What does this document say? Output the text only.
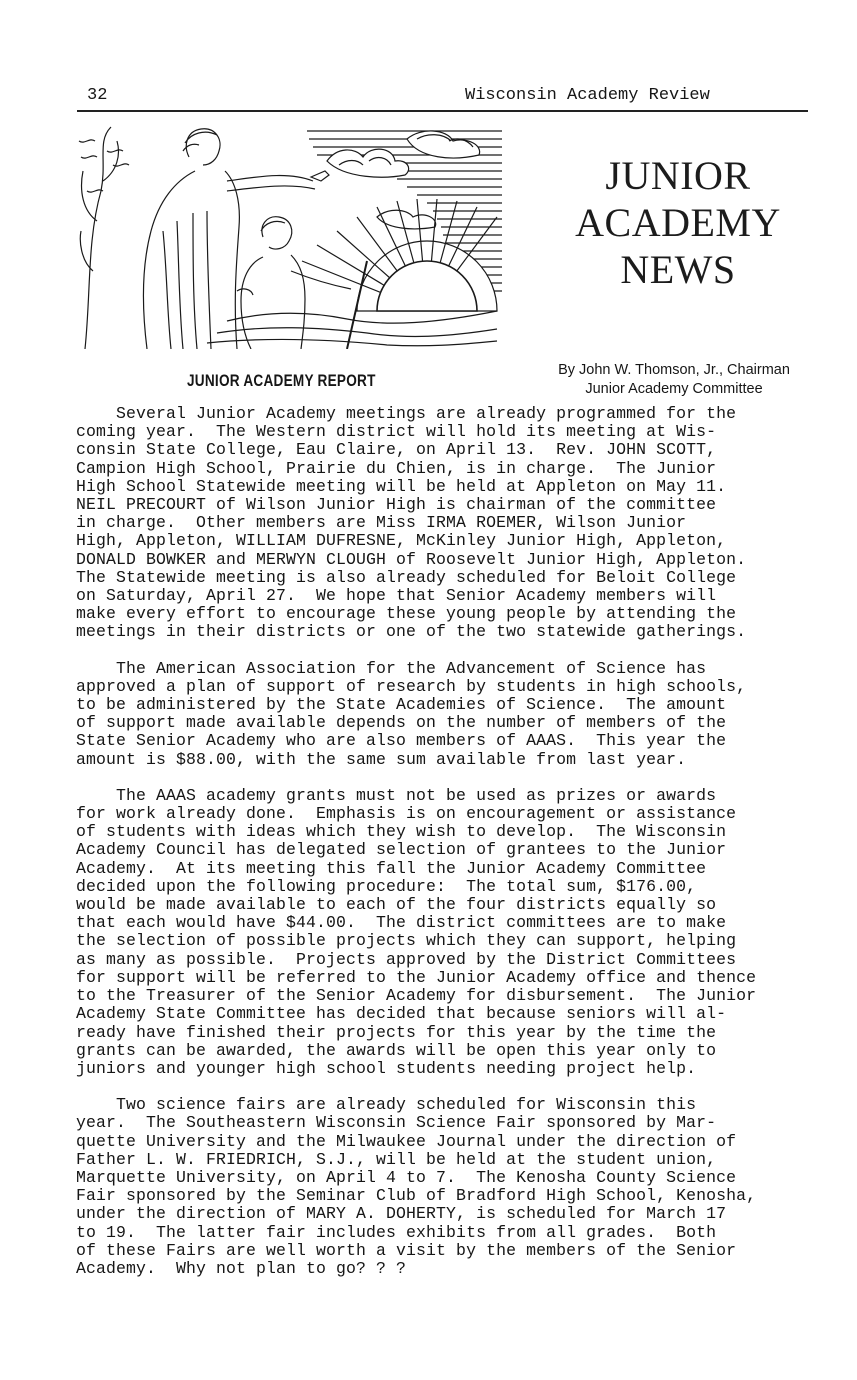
32	Wisconsin Academy Review
JUNIOR
ACADEMY
NEWS
JUNIOR ACADEMY REPORT
By John W. Thomson, Jr., Chairman
Junior Academy Committee

Several Junior Academy meetings are already programmed for the
coming year.  The Western district will hold its meeting at Wis-
consin State College, Eau Claire, on April 13.  Rev. JOHN SCOTT,
Campion High School, Prairie du Chien, is in charge.  The Junior
High School Statewide meeting will be held at Appleton on May 11.
NEIL PRECOURT of Wilson Junior High is chairman of the committee
in charge.  Other members are Miss IRMA ROEMER, Wilson Junior
High, Appleton, WILLIAM DUFRESNE, McKinley Junior High, Appleton,
DONALD BOWKER and MERWYN CLOUGH of Roosevelt Junior High, Appleton.
The Statewide meeting is also already scheduled for Beloit College
on Saturday, April 27.  We hope that Senior Academy members will
make every effort to encourage these young people by attending the
meetings in their districts or one of the two statewide gatherings.

The American Association for the Advancement of Science has
approved a plan of support of research by students in high schools,
to be administered by the State Academies of Science.  The amount
of support made available depends on the number of members of the
State Senior Academy who are also members of AAAS.  This year the
amount is $88.00, with the same sum available from last year.

The AAAS academy grants must not be used as prizes or awards
for work already done.  Emphasis is on encouragement or assistance
of students with ideas which they wish to develop.  The Wisconsin
Academy Council has delegated selection of grantees to the Junior
Academy.  At its meeting this fall the Junior Academy Committee
decided upon the following procedure:  The total sum, $176.00,
would be made available to each of the four districts equally so
that each would have $44.00.  The district committees are to make
the selection of possible projects which they can support, helping
as many as possible.  Projects approved by the District Committees
for support will be referred to the Junior Academy office and thence
to the Treasurer of the Senior Academy for disbursement.  The Junior
Academy State Committee has decided that because seniors will al-
ready have finished their projects for this year by the time the
grants can be awarded, the awards will be open this year only to
juniors and younger high school students needing project help.

Two science fairs are already scheduled for Wisconsin this
year.  The Southeastern Wisconsin Science Fair sponsored by Mar-
quette University and the Milwaukee Journal under the direction of
Father L. W. FRIEDRICH, S.J., will be held at the student union,
Marquette University, on April 4 to 7.  The Kenosha County Science
Fair sponsored by the Seminar Club of Bradford High School, Kenosha,
under the direction of MARY A. DOHERTY, is scheduled for March 17
to 19.  The latter fair includes exhibits from all grades.  Both
of these Fairs are well worth a visit by the members of the Senior
Academy.  Why not plan to go? ? ?
